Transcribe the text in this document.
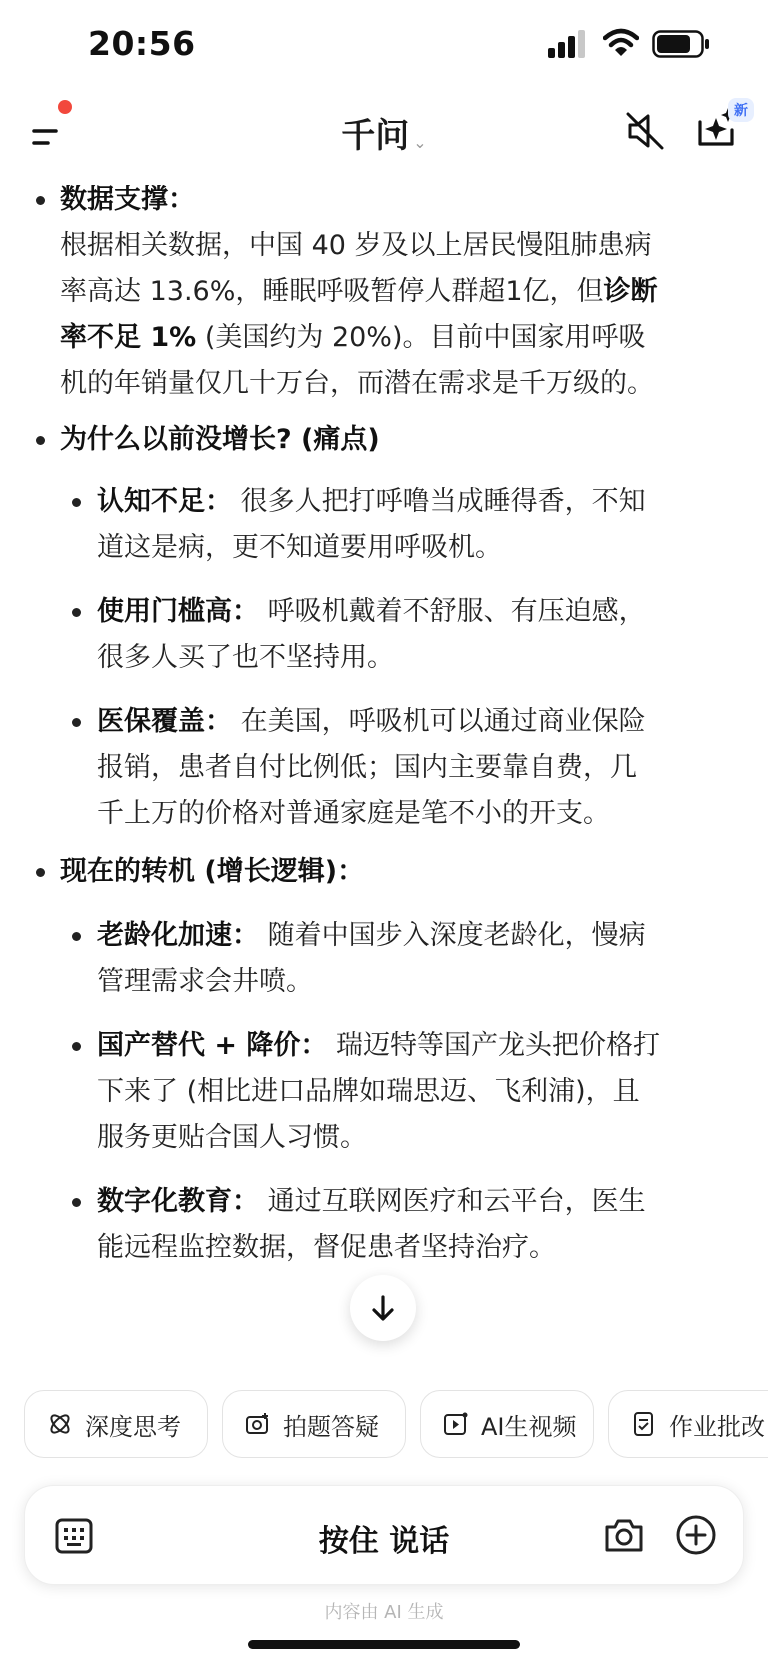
20:56
千问 ⌄
新
数据支撑：
根据相关数据，中国 40 岁及以上居民慢阻肺患病
率高达 13.6%，睡眠呼吸暂停人群超1亿，但诊断
率不足 1% (美国约为 20%)。目前中国家用呼吸
机的年销量仅几十万台，而潜在需求是千万级的。
为什么以前没增长? (痛点)
认知不足： 很多人把打呼噜当成睡得香，不知
道这是病，更不知道要用呼吸机。
使用门槛高： 呼吸机戴着不舒服、有压迫感，
很多人买了也不坚持用。
医保覆盖： 在美国，呼吸机可以通过商业保险
报销，患者自付比例低；国内主要靠自费，几
千上万的价格对普通家庭是笔不小的开支。
现在的转机 (增长逻辑)：
老龄化加速： 随着中国步入深度老龄化，慢病
管理需求会井喷。
国产替代 + 降价： 瑞迈特等国产龙头把价格打
下来了 (相比进口品牌如瑞思迈、飞利浦)，且
服务更贴合国人习惯。
数字化教育： 通过互联网医疗和云平台，医生
能远程监控数据，督促患者坚持治疗。
深度思考	拍题答疑	AI生视频	作业批改
按住 说话
内容由 AI 生成
